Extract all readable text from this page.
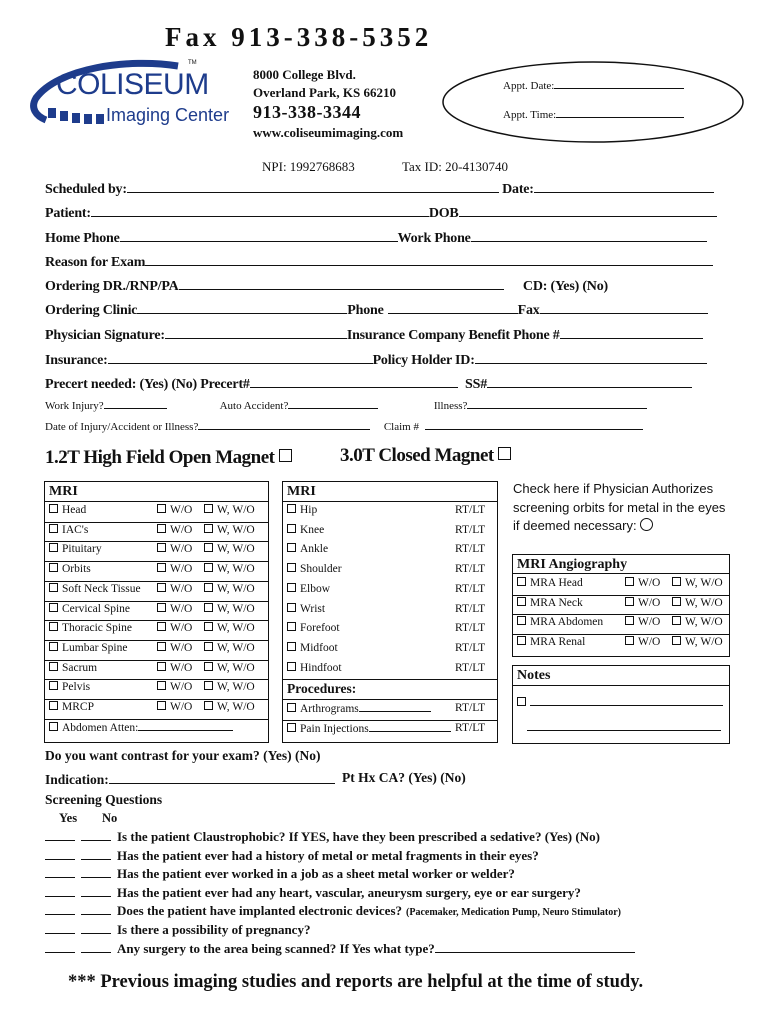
Fax 913-338-5352
TM
COLISEUM
Imaging Center
8000 College Blvd.
Overland Park, KS 66210
913-338-3344
www.coliseumimaging.com
Appt. Date:
Appt. Time:
NPI: 1992768683	Tax ID: 20-4130740
Scheduled by:	Date:
Patient:	DOB
Home Phone	Work Phone
Reason for Exam
Ordering DR./RNP/PA	CD: (Yes) (No)
Ordering Clinic	Phone	Fax
Physician Signature:	Insurance Company Benefit Phone #
Insurance:	Policy Holder ID:
Precert needed: (Yes) (No) Precert#	SS#
Work Injury?	Auto Accident?	Illness?
Date of Injury/Accident or Illness?	Claim #
1.2T High Field Open Magnet	3.0T Closed Magnet
MRI
Head	W/O	W, W/O
IAC's	W/O	W, W/O
Pituitary	W/O	W, W/O
Orbits	W/O	W, W/O
Soft Neck Tissue	W/O	W, W/O
Cervical Spine	W/O	W, W/O
Thoracic Spine	W/O	W, W/O
Lumbar Spine	W/O	W, W/O
Sacrum	W/O	W, W/O
Pelvis	W/O	W, W/O
MRCP	W/O	W, W/O
Abdomen Atten:
MRI
Hip	RT/LT
Knee	RT/LT
Ankle	RT/LT
Shoulder	RT/LT
Elbow	RT/LT
Wrist	RT/LT
Forefoot	RT/LT
Midfoot	RT/LT
Hindfoot	RT/LT
Procedures:
Arthrograms	RT/LT
Pain Injections	RT/LT
Check here if Physician Authorizes screening orbits for metal in the eyes if deemed necessary:
MRI Angiography
MRA Head	W/O	W, W/O
MRA Neck	W/O	W, W/O
MRA Abdomen	W/O	W, W/O
MRA Renal	W/O	W, W/O
Notes
Do you want contrast for your exam? (Yes) (No)
Indication:	Pt Hx CA? (Yes) (No)
Screening Questions
Yes No
Is the patient Claustrophobic? If YES, have they been prescribed a sedative? (Yes) (No)
Has the patient ever had a history of metal or metal fragments in their eyes?
Has the patient ever worked in a job as a sheet metal worker or welder?
Has the patient ever had any heart, vascular, aneurysm surgery, eye or ear surgery?
Does the patient have implanted electronic devices? (Pacemaker, Medication Pump, Neuro Stimulator)
Is there a possibility of pregnancy?
Any surgery to the area being scanned? If Yes what type?
*** Previous imaging studies and reports are helpful at the time of study.
